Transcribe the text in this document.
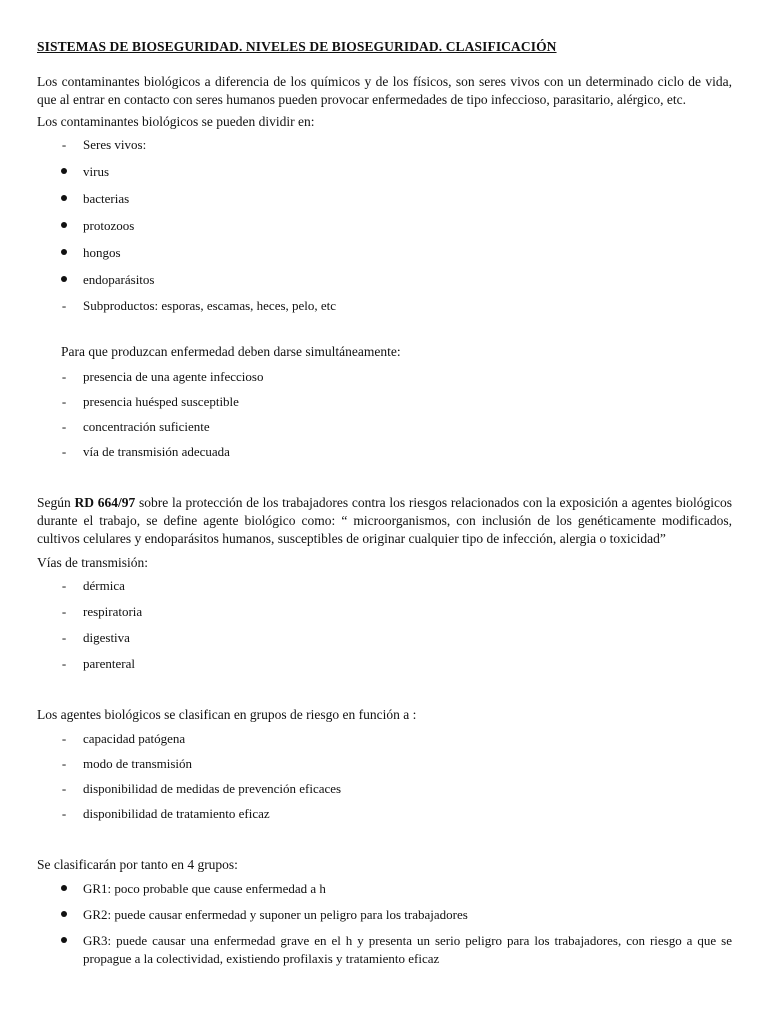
SISTEMAS DE BIOSEGURIDAD. NIVELES DE BIOSEGURIDAD. CLASIFICACIÓN

Los contaminantes biológicos a diferencia de los químicos y de los físicos, son seres vivos con un determinado ciclo de vida, que al entrar en contacto con seres humanos pueden provocar enfermedades de tipo infeccioso, parasitario, alérgico, etc.

Los contaminantes biológicos se pueden dividir en:

- Seres vivos:
virus
bacterias
protozoos
hongos
endoparásitos
- Subproductos: esporas, escamas, heces, pelo, etc

Para que produzcan enfermedad deben darse simultáneamente:

- presencia de una agente infeccioso
- presencia huésped susceptible
- concentración suficiente
- vía de transmisión adecuada

Según RD 664/97 sobre la protección de los trabajadores contra los riesgos relacionados con la exposición a agentes biológicos durante el trabajo, se define agente biológico como: “ microorganismos, con inclusión de los genéticamente modificados, cultivos celulares y endoparásitos humanos, susceptibles de originar cualquier tipo de infección, alergia o toxicidad”

Vías de transmisión:

- dérmica
- respiratoria
- digestiva
- parenteral

Los agentes biológicos se clasifican en grupos de riesgo en función a :

- capacidad patógena
- modo de transmisión
- disponibilidad de medidas de prevención eficaces
- disponibilidad de tratamiento eficaz

Se clasificarán por tanto en 4 grupos:

GR1: poco probable que cause enfermedad a h
GR2: puede causar enfermedad y suponer un peligro para los trabajadores
GR3: puede causar una enfermedad grave en el h y presenta un serio peligro para los trabajadores, con riesgo a que se propague a la colectividad, existiendo profilaxis y tratamiento eficaz
